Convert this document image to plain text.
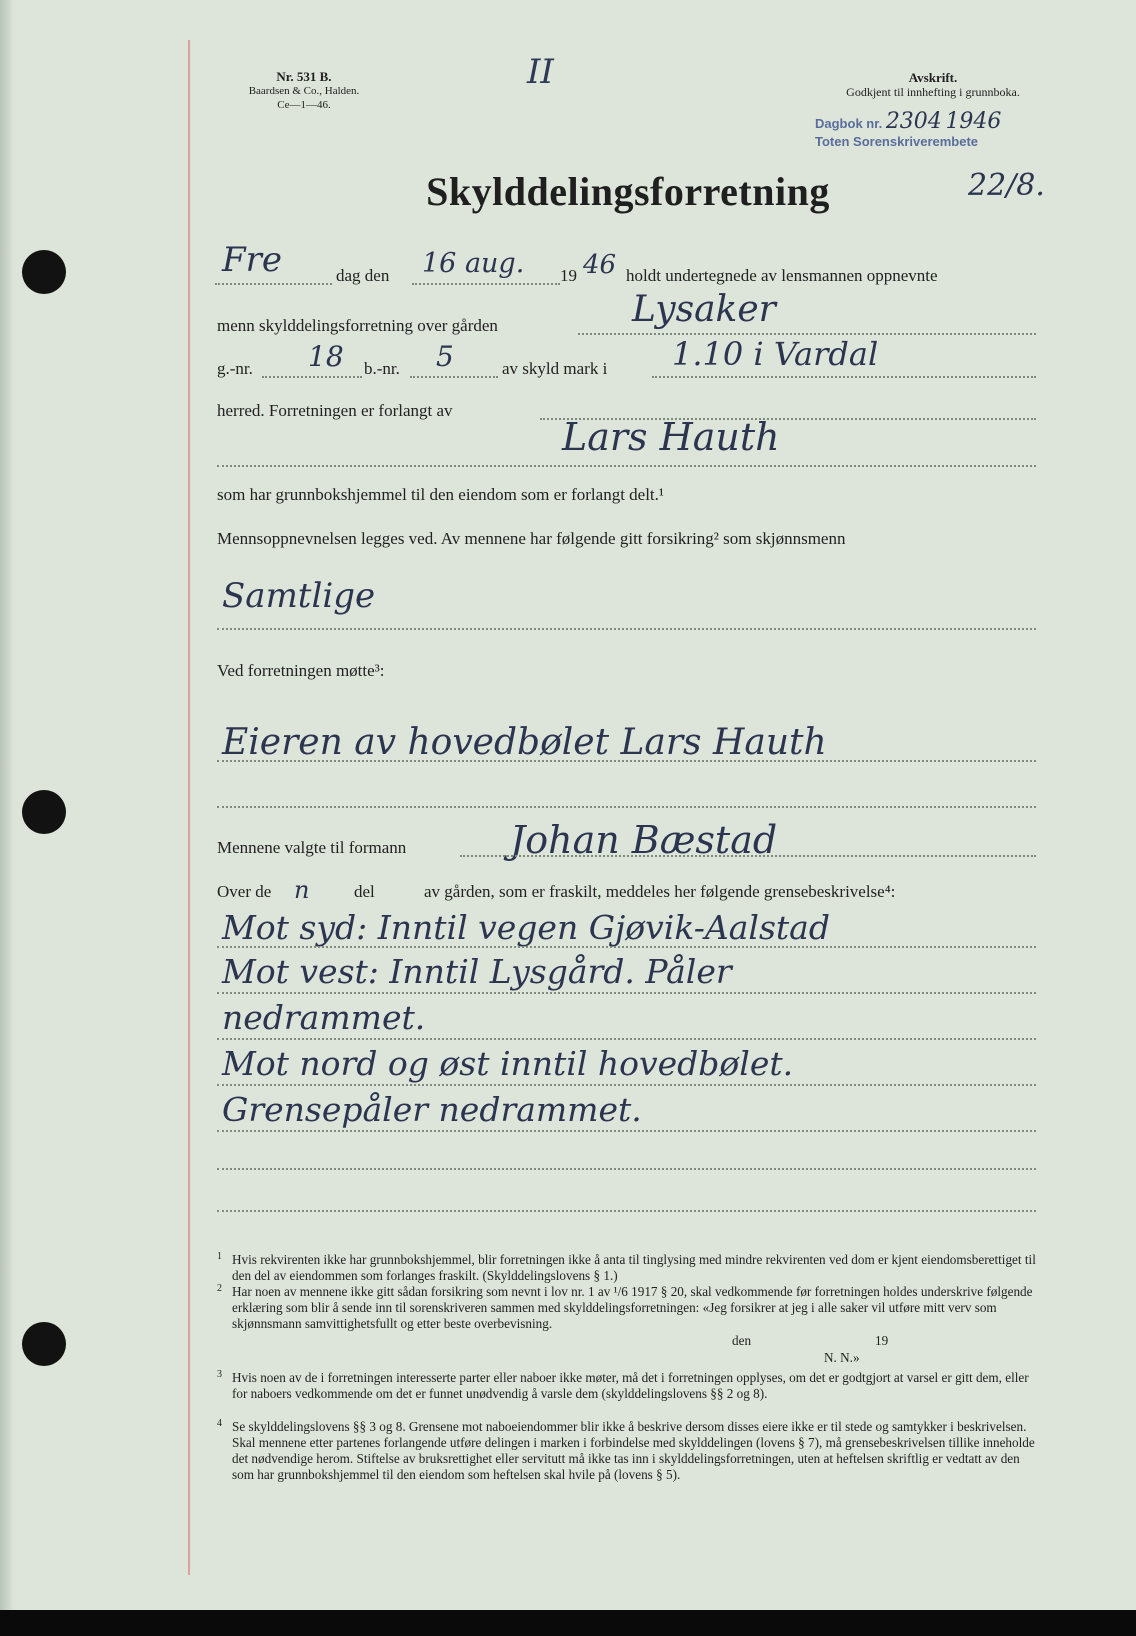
Nr. 531 B.
Baardsen & Co., Halden.
Ce—1—46.
II	Avskrift.
Godkjent til innhefting i grunnboka.
Dagbok nr. 2304 1946
Toten Sorenskriverembete
22/8.
Skylddelingsforretning
Fre	dag den 16 aug. 19 46 holdt undertegnede av lensmannen oppnevnte
menn skylddelingsforretning over gården	Lysaker
g.-nr. 18 b.-nr. 5	av skyld mark i 1.10 i Vardal
herred. Forretningen er forlangt av
Lars Hauth
som har grunnbokshjemmel til den eiendom som er forlangt delt.¹
Mennsoppnevnelsen legges ved. Av mennene har følgende gitt forsikring² som skjønnsmenn
Samtlige
Ved forretningen møtte³:
Eieren av hovedbølet Lars Hauth
Mennene valgte til formann	Johan Bæstad
Over de n	del	av gården, som er fraskilt, meddeles her følgende grensebeskrivelse⁴:
Mot syd: Inntil vegen Gjøvik-Aalstad
Mot vest: Inntil Lysgård. Påler
nedrammet.
Mot nord og øst inntil hovedbølet.
Grensepåler nedrammet.
1 Hvis rekvirenten ikke har grunnbokshjemmel, blir forretningen ikke å anta til tinglysing med mindre rekvirenten ved dom er kjent eiendomsberettiget til den del av eiendommen som forlanges fraskilt. (Skylddelingslovens § 1.)
2 Har noen av mennene ikke gitt sådan forsikring som nevnt i lov nr. 1 av ¹/6 1917 § 20, skal vedkommende før forretningen holdes underskrive følgende erklæring som blir å sende inn til sorenskriveren sammen med skylddelingsforretningen: «Jeg forsikrer at jeg i alle saker vil utføre mitt verv som skjønnsmann samvittighetsfullt og etter beste overbevisning.
den	19
N. N.»
3 Hvis noen av de i forretningen interesserte parter eller naboer ikke møter, må det i forretningen opplyses, om det er godtgjort at varsel er gitt dem, eller for naboers vedkommende om det er funnet unødvendig å varsle dem (skylddelingslovens §§ 2 og 8).
4 Se skylddelingslovens §§ 3 og 8. Grensene mot naboeiendommer blir ikke å beskrive dersom disses eiere ikke er til stede og samtykker i beskrivelsen. Skal mennene etter partenes forlangende utføre delingen i marken i forbindelse med skylddelingen (lovens § 7), må grensebeskrivelsen tillike inneholde det nødvendige herom. Stiftelse av bruksrettighet eller servitutt må ikke tas inn i skylddelingsforretningen, uten at heftelsen skriftlig er vedtatt av den som har grunnbokshjemmel til den eiendom som heftelsen skal hvile på (lovens § 5).
